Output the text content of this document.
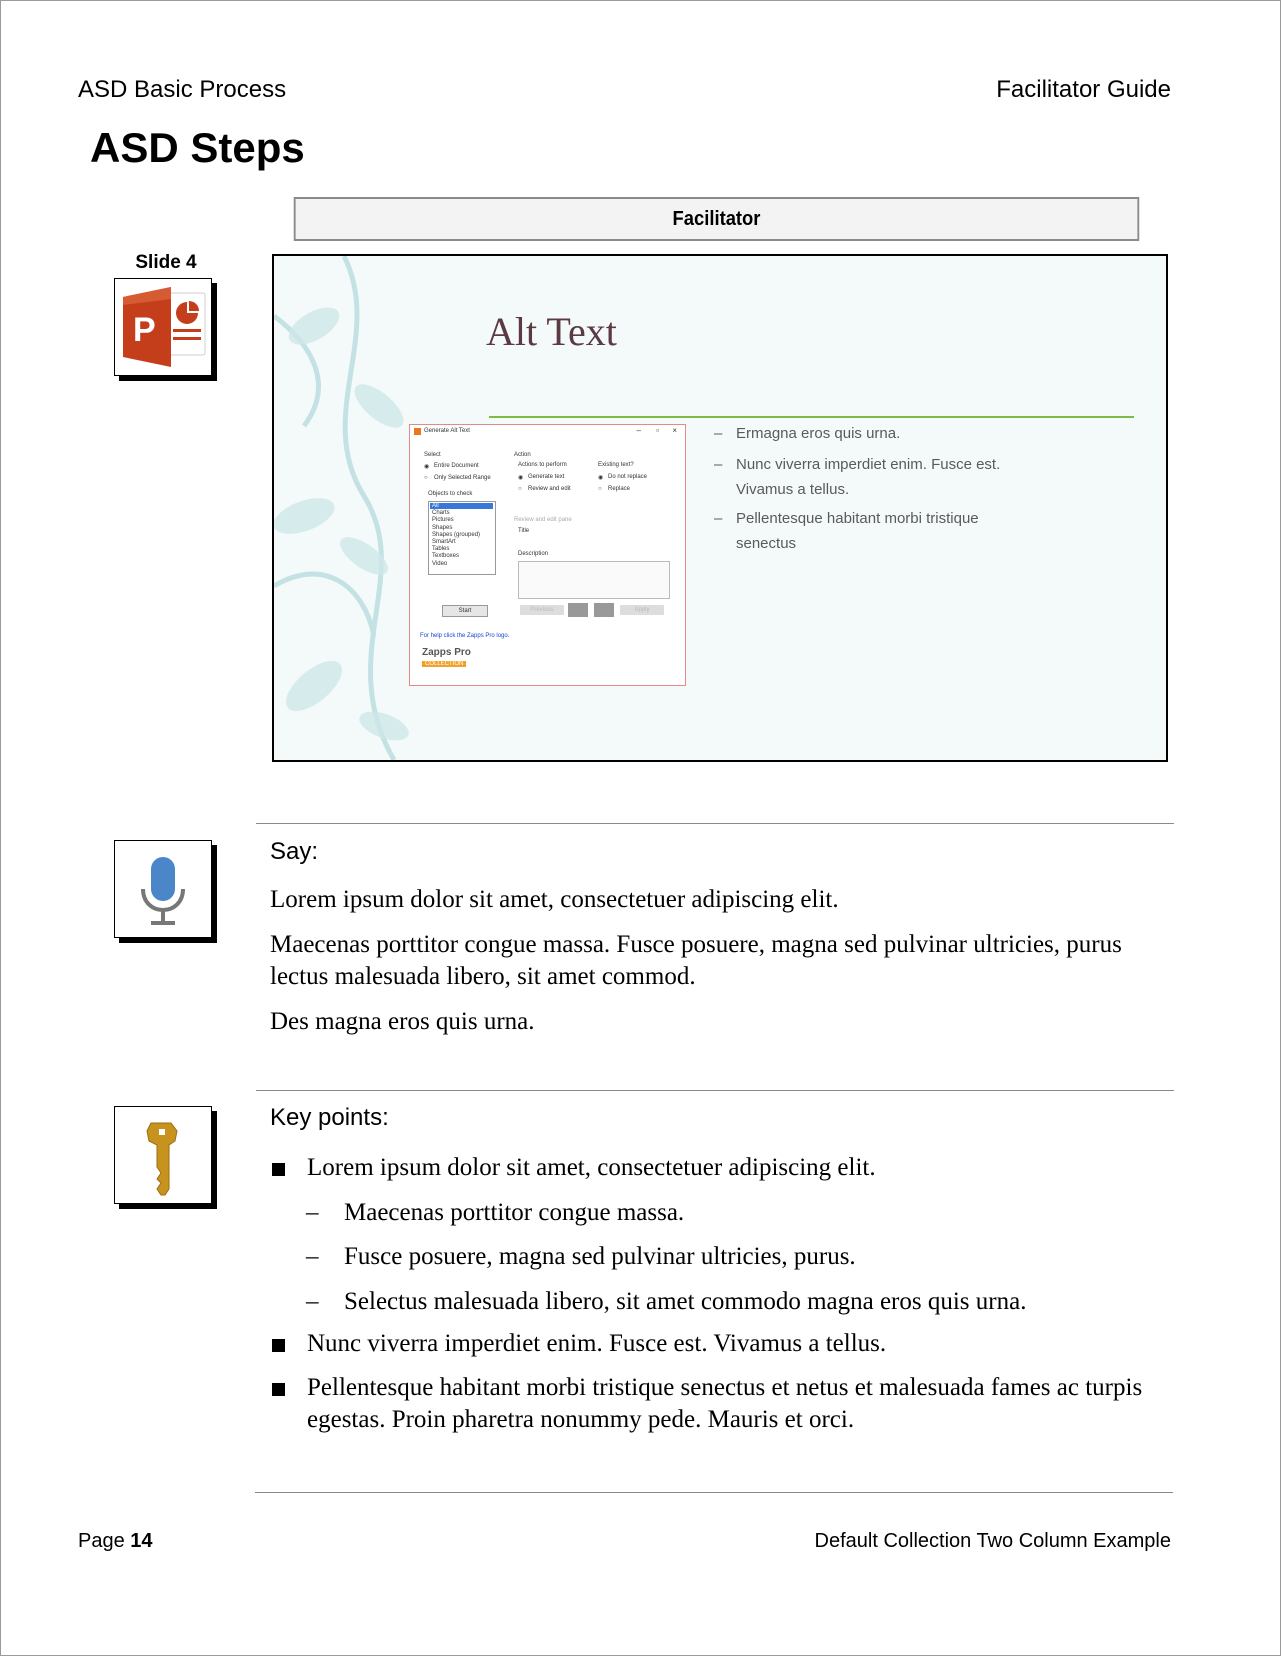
ASD Basic Process	Facilitator Guide
ASD Steps
Facilitator
Slide 4
P	Alt Text
Generate Alt Text	– ▫ ×
Select
◉ Entire Document
○ Only Selected Range
Objects to check
All
Charts
Pictures
Shapes
Shapes (grouped)
SmartArt
Tables
Textboxes
Video
Action
Actions to perform
◉ Generate text
○ Review and edit
Existing text?
◉ Do not replace
○ Replace
Review and edit pane
Title
Description
Start	Previous	Apply
For help click the Zapps Pro logo.
Zapps Pro
COLLECTION
– Ermagna eros quis urna.
– Nunc viverra imperdiet enim. Fusce est. Vivamus a tellus.
– Pellentesque habitant morbi tristique senectus
Say:
Lorem ipsum dolor sit amet, consectetuer adipiscing elit.
Maecenas porttitor congue massa. Fusce posuere, magna sed pulvinar ultricies, purus lectus malesuada libero, sit amet commod.
Des magna eros quis urna.
Key points:
Lorem ipsum dolor sit amet, consectetuer adipiscing elit.
– Maecenas porttitor congue massa.
– Fusce posuere, magna sed pulvinar ultricies, purus.
– Selectus malesuada libero, sit amet commodo magna eros quis urna.
Nunc viverra imperdiet enim. Fusce est. Vivamus a tellus.
Pellentesque habitant morbi tristique senectus et netus et malesuada fames ac turpis egestas. Proin pharetra nonummy pede. Mauris et orci.
Page 14	Default Collection Two Column Example
